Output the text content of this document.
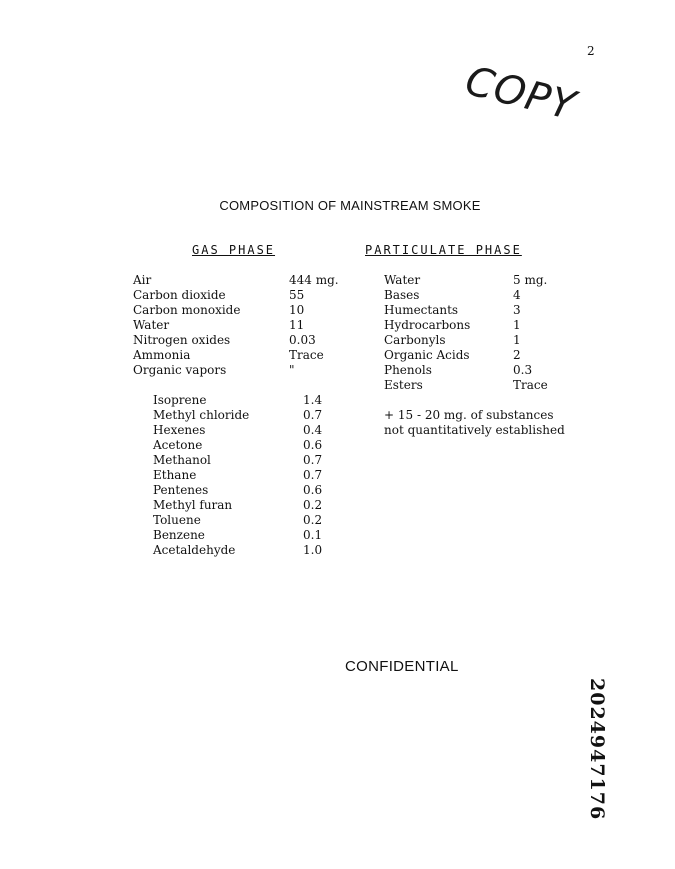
2
COPY
COMPOSITION OF MAINSTREAM SMOKE
GAS PHASE	PARTICULATE PHASE
Air	444 mg.
Carbon dioxide	55
Carbon monoxide	10
Water	11
Nitrogen oxides	0.03
Ammonia	Trace
Organic vapors	"
Isoprene	1.4
Methyl chloride	0.7
Hexenes	0.4
Acetone	0.6
Methanol	0.7
Ethane	0.7
Pentenes	0.6
Methyl furan	0.2
Toluene	0.2
Benzene	0.1
Acetaldehyde	1.0
Water	5 mg.
Bases	4
Humectants	3
Hydrocarbons	1
Carbonyls	1
Organic Acids	2
Phenols	0.3
Esters	Trace
+ 15 - 20 mg. of substances
not quantitatively established
CONFIDENTIAL
2024947176
